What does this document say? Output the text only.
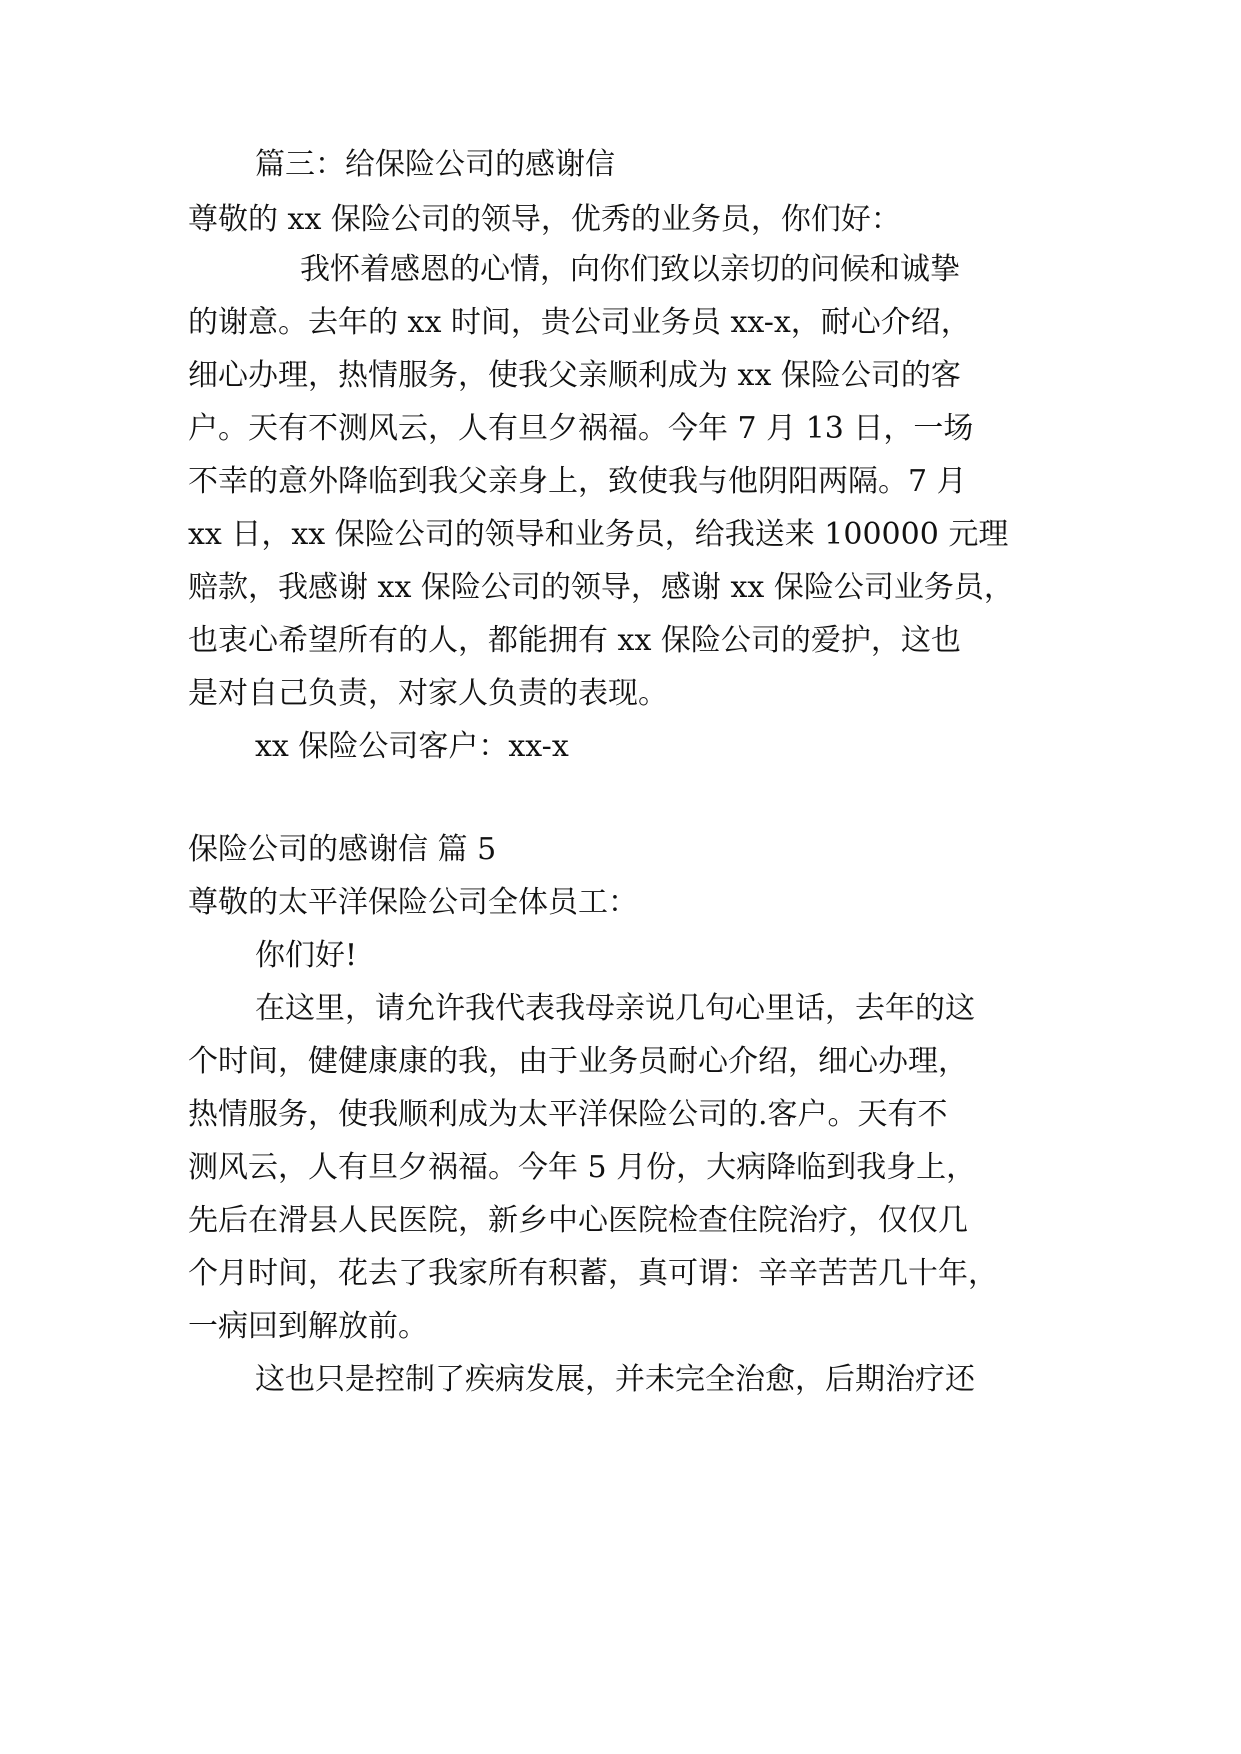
篇三：给保险公司的感谢信
尊敬的 xx 保险公司的领导，优秀的业务员，你们好：
我怀着感恩的心情，向你们致以亲切的问候和诚挚
的谢意。去年的 xx 时间，贵公司业务员 xx-x，耐心介绍，
细心办理，热情服务，使我父亲顺利成为 xx 保险公司的客
户。天有不测风云，人有旦夕祸福。今年 7 月 13 日，一场
不幸的意外降临到我父亲身上，致使我与他阴阳两隔。7 月
xx 日，xx 保险公司的领导和业务员，给我送来 100000 元理
赔款，我感谢 xx 保险公司的领导，感谢 xx 保险公司业务员，
也衷心希望所有的人，都能拥有 xx 保险公司的爱护，这也
是对自己负责，对家人负责的表现。
xx 保险公司客户：xx-x
保险公司的感谢信 篇 5
尊敬的太平洋保险公司全体员工：
你们好!
在这里，请允许我代表我母亲说几句心里话，去年的这
个时间，健健康康的我，由于业务员耐心介绍，细心办理，
热情服务，使我顺利成为太平洋保险公司的.客户。天有不
测风云，人有旦夕祸福。今年 5 月份，大病降临到我身上，
先后在滑县人民医院，新乡中心医院检查住院治疗，仅仅几
个月时间，花去了我家所有积蓄，真可谓：辛辛苦苦几十年，
一病回到解放前。
这也只是控制了疾病发展，并未完全治愈，后期治疗还
